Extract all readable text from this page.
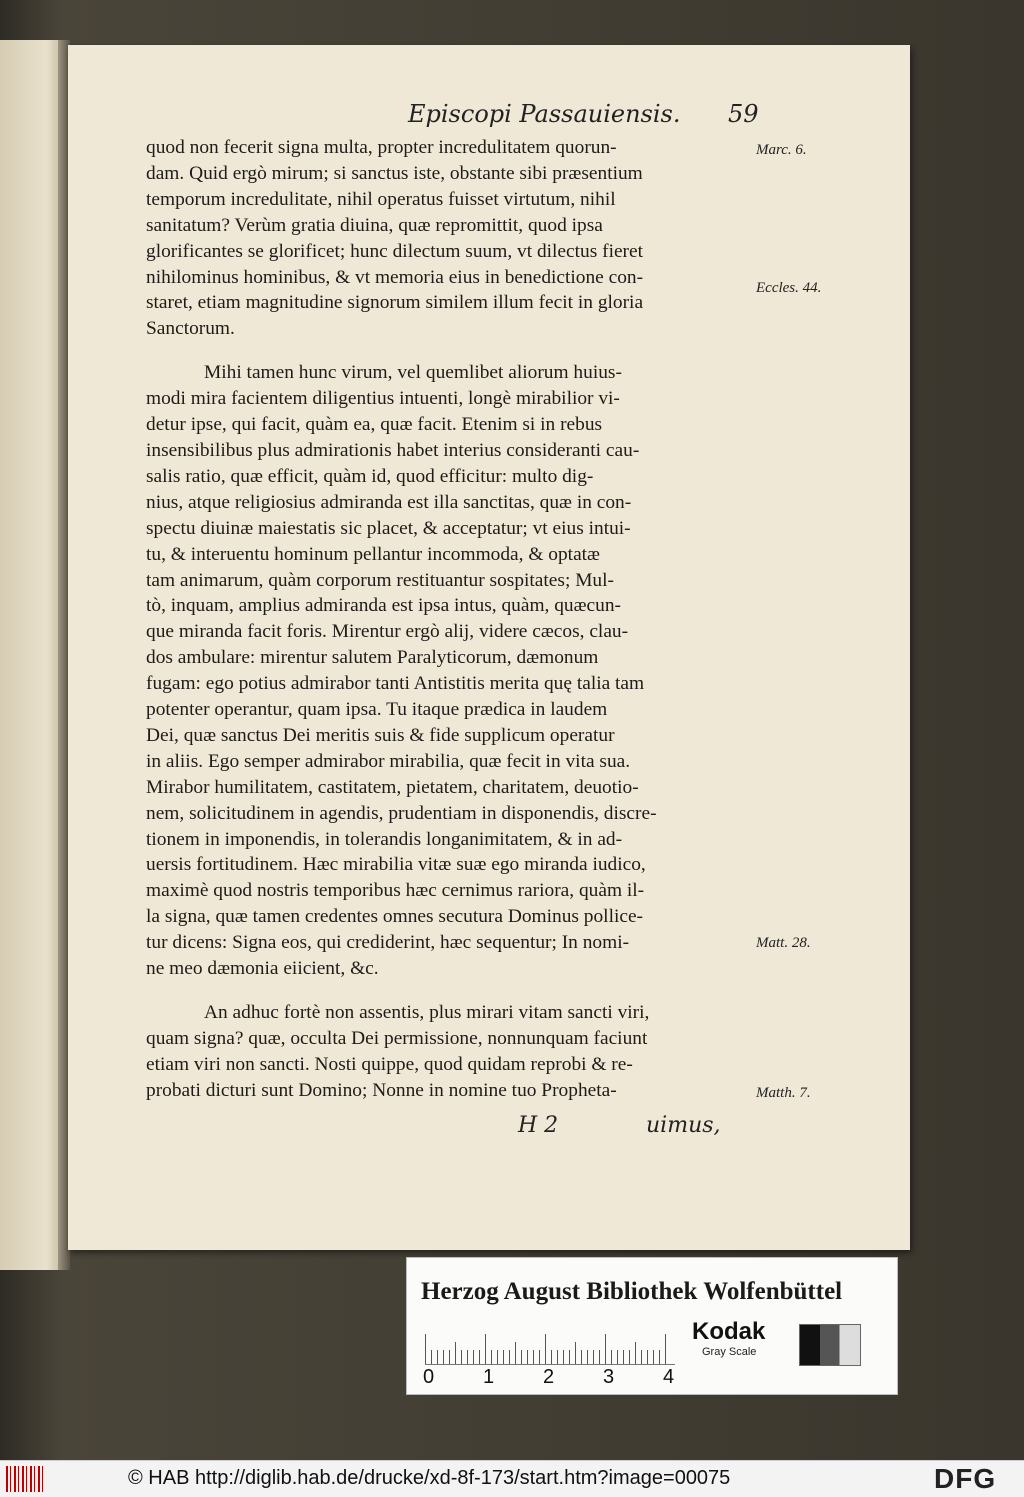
Episcopi Passauiensis. 59

quod non fecerit signa multa, propter incredulitatem quorun-
dam. Quid ergò mirum; si sanctus iste, obstante sibi præsentium
temporum incredulitate, nihil operatus fuisset virtutum, nihil
sanitatum? Verùm gratia diuina, quæ repromittit, quod ipsa
glorificantes se glorificet; hunc dilectum suum, vt dilectus fieret
nihilominus hominibus, & vt memoria eius in benedictione con-
staret, etiam magnitudine signorum similem illum fecit in gloria
Sanctorum.

Mihi tamen hunc virum, vel quemlibet aliorum huius-
modi mira facientem diligentius intuenti, longè mirabilior vi-
detur ipse, qui facit, quàm ea, quæ facit. Etenim si in rebus
insensibilibus plus admirationis habet interius consideranti cau-
salis ratio, quæ efficit, quàm id, quod efficitur: multo dig-
nius, atque religiosius admiranda est illa sanctitas, quæ in con-
spectu diuinæ maiestatis sic placet, & acceptatur; vt eius intui-
tu, & interuentu hominum pellantur incommoda, & optatæ
tam animarum, quàm corporum restituantur sospitates; Mul-
tò, inquam, amplius admiranda est ipsa intus, quàm, quæcun-
que miranda facit foris. Mirentur ergò alij, videre cæcos, clau-
dos ambulare: mirentur salutem Paralyticorum, dæmonum
fugam: ego potius admirabor tanti Antistitis merita quę talia tam
potenter operantur, quam ipsa. Tu itaque prædica in laudem
Dei, quæ sanctus Dei meritis suis & fide supplicum operatur
in aliis. Ego semper admirabor mirabilia, quæ fecit in vita sua.
Mirabor humilitatem, castitatem, pietatem, charitatem, deuotio-
nem, solicitudinem in agendis, prudentiam in disponendis, discre-
tionem in imponendis, in tolerandis longanimitatem, & in ad-
uersis fortitudinem. Hæc mirabilia vitæ suæ ego miranda iudico,
maximè quod nostris temporibus hæc cernimus rariora, quàm il-
la signa, quæ tamen credentes omnes secutura Dominus pollice-
tur dicens: Signa eos, qui crediderint, hæc sequentur; In nomi-
ne meo dæmonia eiicient, &c.

An adhuc fortè non assentis, plus mirari vitam sancti viri,
quam signa? quæ, occulta Dei permissione, nonnunquam faciunt
etiam viri non sancti. Nosti quippe, quod quidam reprobi & re-
probati dicturi sunt Domino; Nonne in nomine tuo Propheta-

Marc. 6.
Eccles. 44.
Matt. 28.
Matth. 7.
H 2	uimus,
Herzog August Bibliothek Wolfenbüttel
0 1 2 3 4
Kodak
Gray Scale
© HAB http://diglib.hab.de/drucke/xd-8f-173/start.htm?image=00075	DFG
